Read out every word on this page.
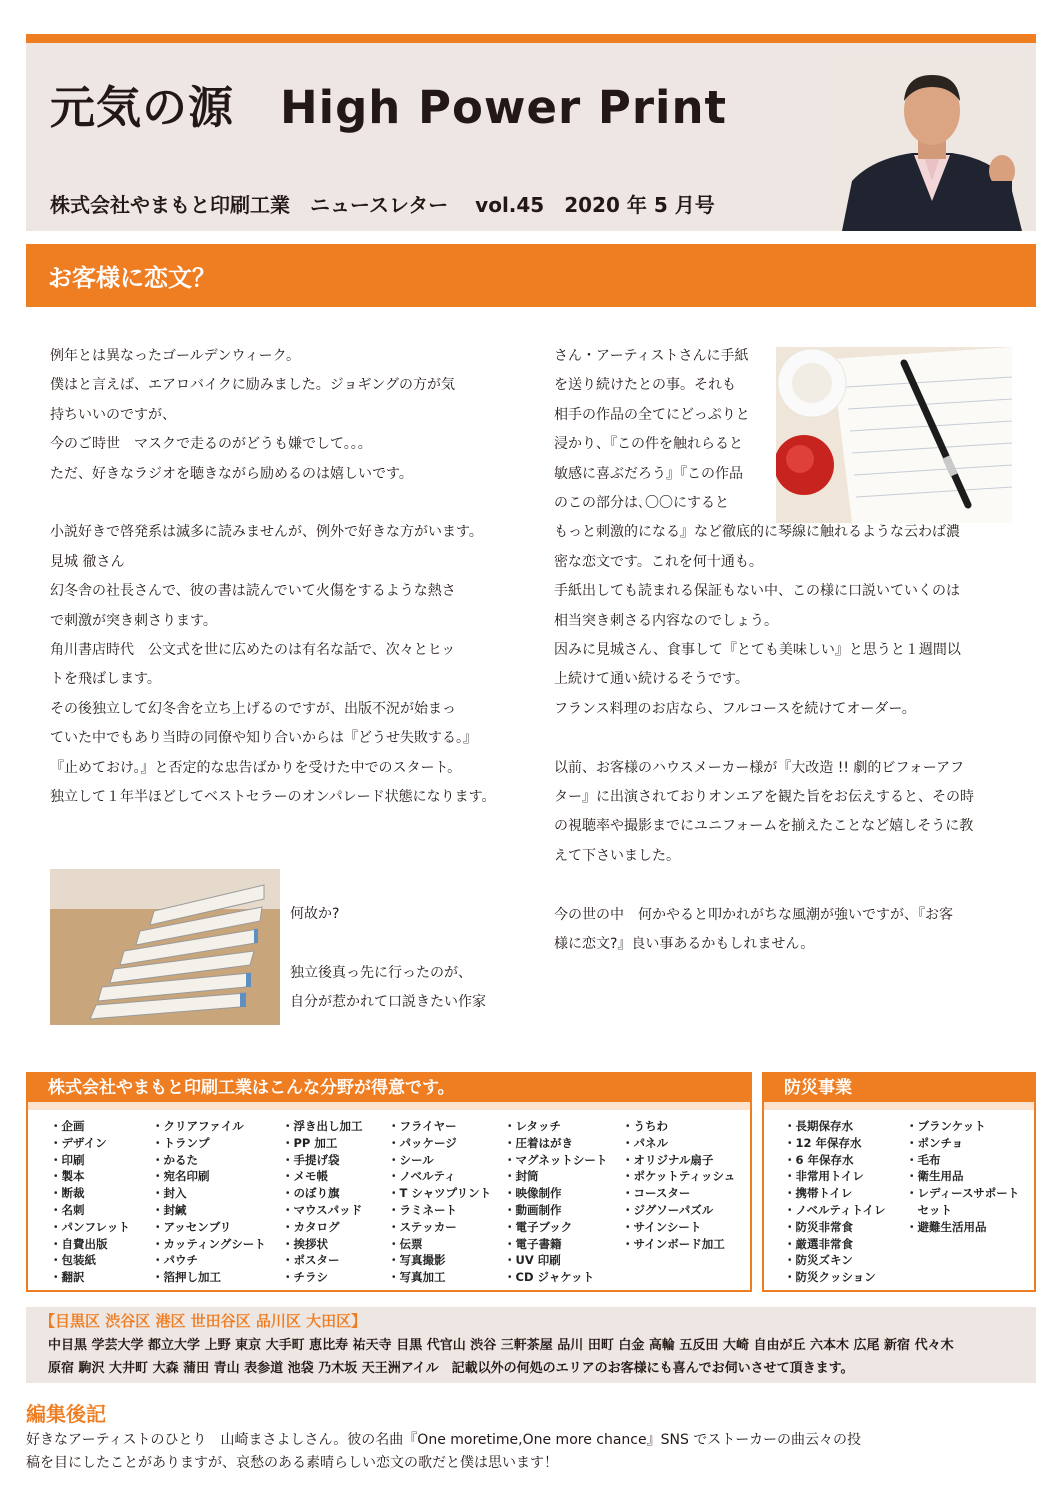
元気の源　High Power Print
株式会社やまもと印刷工業　ニュースレター　 vol.45　2020 年 5 月号
お客様に恋文？

例年とは異なったゴールデンウィーク。

僕はと言えば、エアロバイクに励みました。ジョギングの方が気

持ちいいのですが、

今のご時世　マスクで走るのがどうも嫌でして。。。

ただ、好きなラジオを聴きながら励めるのは嬉しいです。

小説好きで啓発系は滅多に読みませんが、例外で好きな方がいます。

見城 徹さん

幻冬舎の社長さんで、彼の書は読んでいて火傷をするような熱さ

で刺激が突き刺さります。

角川書店時代　公文式を世に広めたのは有名な話で、次々とヒッ

トを飛ばします。

その後独立して幻冬舎を立ち上げるのですが、出版不況が始まっ

ていた中でもあり当時の同僚や知り合いからは『どうせ失敗する。』

『止めておけ。』と否定的な忠告ばかりを受けた中でのスタート。

独立して１年半ほどしてベストセラーのオンパレード状態になります。

何故か?

独立後真っ先に行ったのが、

自分が惹かれて口説きたい作家

さん・アーティストさんに手紙

を送り続けたとの事。それも

相手の作品の全てにどっぷりと

浸かり、『この件を触れらると

敏感に喜ぶだろう』『この作品

のこの部分は､〇〇にすると

もっと刺激的になる』など徹底的に琴線に触れるような云わば濃

密な恋文です。これを何十通も。

手紙出しても読まれる保証もない中、この様に口説いていくのは

相当突き刺さる内容なのでしょう。

因みに見城さん、食事して『とても美味しい』と思うと１週間以

上続けて通い続けるそうです。

フランス料理のお店なら、フルコースを続けてオーダー。

以前、お客様のハウスメーカー様が『大改造 !! 劇的ビフォーアフ

ター』に出演されておりオンエアを観た旨をお伝えすると、その時

の視聴率や撮影までにユニフォームを揃えたことなど嬉しそうに教

えて下さいました。

今の世の中　何かやると叩かれがちな風潮が強いですが、『お客

様に恋文?』良い事あるかもしれません。

株式会社やまもと印刷工業はこんな分野が得意です。
・企画
・デザイン
・印刷
・製本
・断裁
・名刺
・パンフレット
・自費出版
・包装紙
・翻訳
・クリアファイル
・トランプ
・かるた
・宛名印刷
・封入
・封緘
・アッセンブリ
・カッティングシート
・パウチ
・箔押し加工
・浮き出し加工
・PP 加工
・手提げ袋
・メモ帳
・のぼり旗
・マウスパッド
・カタログ
・挨拶状
・ポスター
・チラシ
・フライヤー
・パッケージ
・シール
・ノベルティ
・T シャツプリント
・ラミネート
・ステッカー
・伝票
・写真撮影
・写真加工
・レタッチ
・圧着はがき
・マグネットシート
・封筒
・映像制作
・動画制作
・電子ブック
・電子書籍
・UV 印刷
・CD ジャケット
・うちわ
・パネル
・オリジナル扇子
・ポケットティッシュ
・コースター
・ジグソーパズル
・サインシート
・サインボード加工
防災事業
・長期保存水
・12 年保存水
・6 年保存水
・非常用トイレ
・携帯トイレ
・ノベルティトイレ
・防災非常食
・厳選非常食
・防災ズキン
・防災クッション
・ブランケット
・ポンチョ
・毛布
・衛生用品
・レディースサポート
　セット
・避難生活用品
【目黒区 渋谷区 港区 世田谷区 品川区 大田区】
中目黒 学芸大学 都立大学 上野 東京 大手町 恵比寿 祐天寺 目黒 代官山 渋谷 三軒茶屋 品川 田町 白金 高輪 五反田 大崎 自由が丘 六本木 広尾 新宿 代々木
原宿 駒沢 大井町 大森 蒲田 青山 表参道 池袋 乃木坂 天王洲アイル　記載以外の何処のエリアのお客様にも喜んでお伺いさせて頂きます。
編集後記
好きなアーティストのひとり　山崎まさよしさん。彼の名曲『One moretime,One more chance』SNS でストーカーの曲云々の投
稿を目にしたことがありますが、哀愁のある素晴らしい恋文の歌だと僕は思います！
